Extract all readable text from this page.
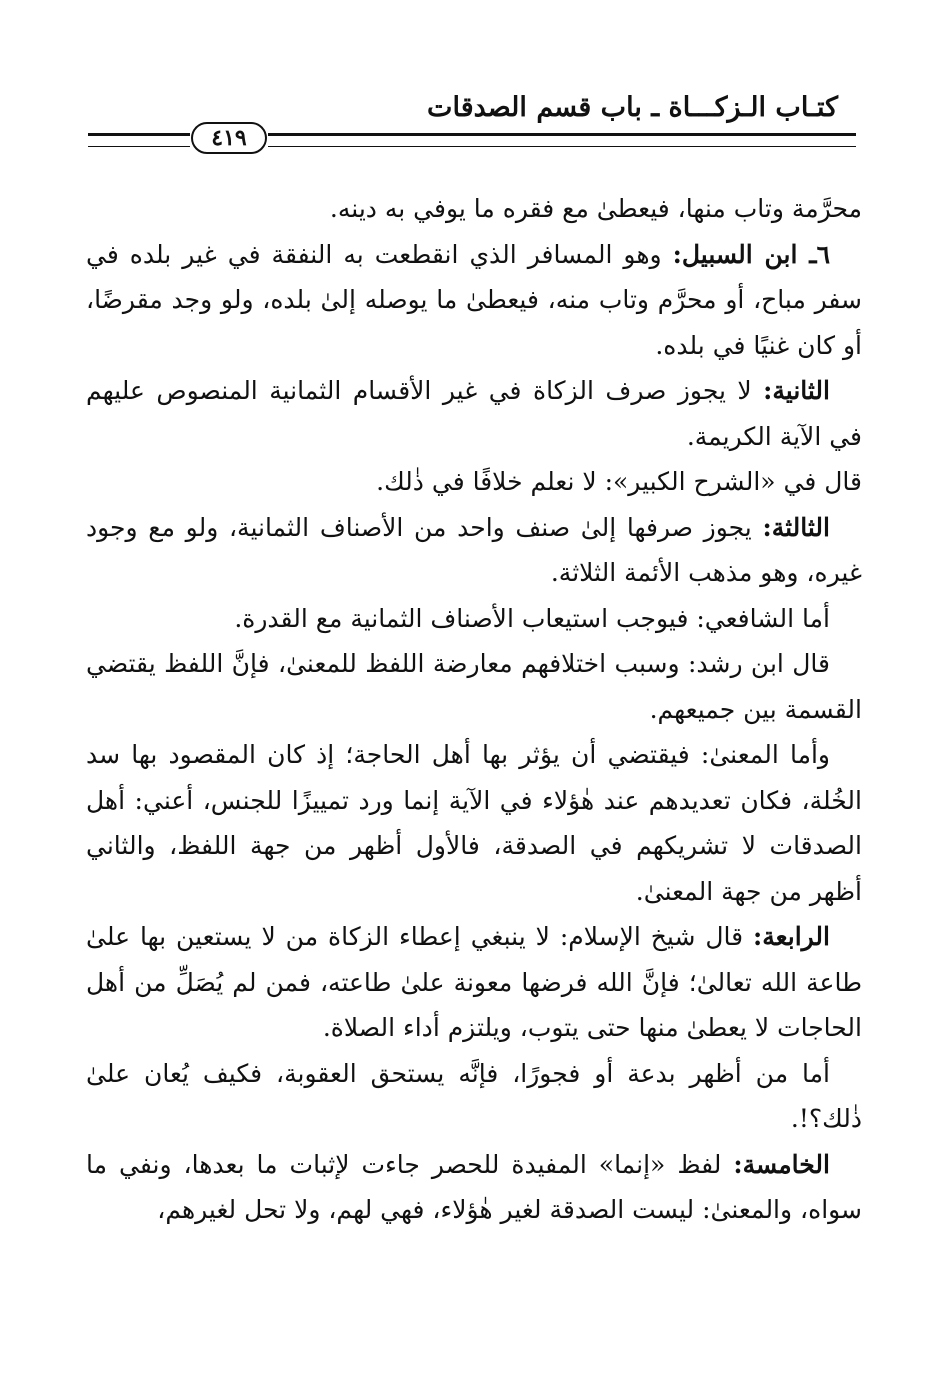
كتـاب الـزكـــاة ـ باب قسم الصدقات
٤١٩

محرَّمة وتاب منها، فيعطىٰ مع فقره ما يوفي به دينه.

٦ـ ابن السبيل: وهو المسافر الذي انقطعت به النفقة في غير بلده في سفر مباح، أو محرَّم وتاب منه، فيعطىٰ ما يوصله إلىٰ بلده، ولو وجد مقرضًا، أو كان غنيًا في بلده.

الثانية: لا يجوز صرف الزكاة في غير الأقسام الثمانية المنصوص عليهم في الآية الكريمة.

قال في «الشرح الكبير»: لا نعلم خلافًا في ذٰلك.

الثالثة: يجوز صرفها إلىٰ صنف واحد من الأصناف الثمانية، ولو مع وجود غيره، وهو مذهب الأئمة الثلاثة.

أما الشافعي: فيوجب استيعاب الأصناف الثمانية مع القدرة.

قال ابن رشد: وسبب اختلافهم معارضة اللفظ للمعنىٰ، فإنَّ اللفظ يقتضي القسمة بين جميعهم.

وأما المعنىٰ: فيقتضي أن يؤثر بها أهل الحاجة؛ إذ كان المقصود بها سد الخُلة، فكان تعديدهم عند هٰؤلاء في الآية إنما ورد تمييزًا للجنس، أعني: أهل الصدقات لا تشريكهم في الصدقة، فالأول أظهر من جهة اللفظ، والثاني أظهر من جهة المعنىٰ.

الرابعة: قال شيخ الإسلام: لا ينبغي إعطاء الزكاة من لا يستعين بها علىٰ طاعة الله تعالىٰ؛ فإنَّ الله فرضها معونة علىٰ طاعته، فمن لم يُصَلِّ من أهل الحاجات لا يعطىٰ منها حتى يتوب، ويلتزم أداء الصلاة.

أما من أظهر بدعة أو فجورًا، فإنَّه يستحق العقوبة، فكيف يُعان علىٰ ذٰلك؟!.

الخامسة: لفظ «إنما» المفيدة للحصر جاءت لإثبات ما بعدها، ونفي ما سواه، والمعنىٰ: ليست الصدقة لغير هٰؤلاء، فهي لهم، ولا تحل لغيرهم،
